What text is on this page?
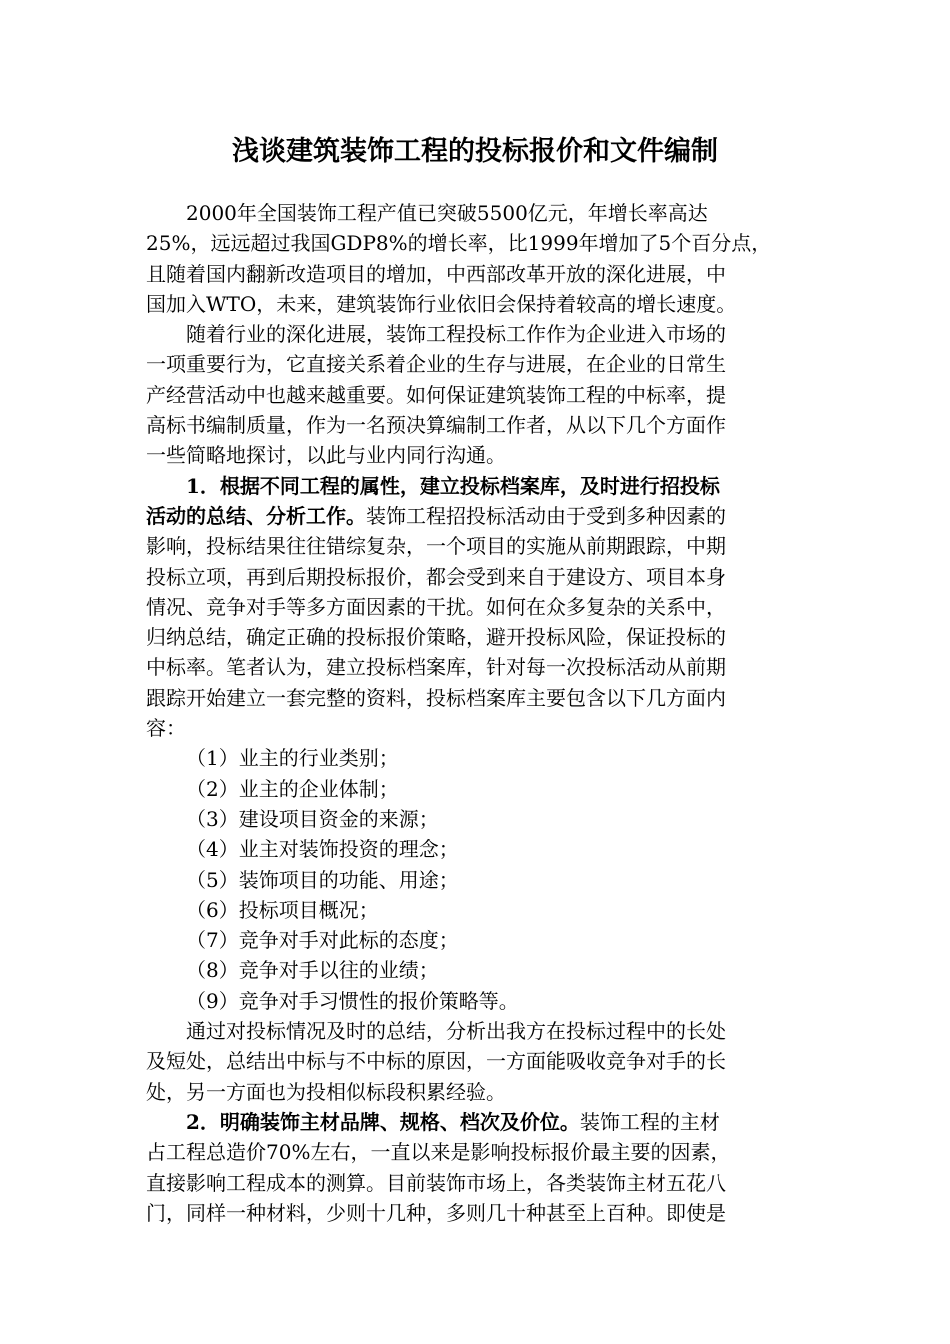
浅谈建筑装饰工程的投标报价和文件编制

2000年全国装饰工程产值已突破5500亿元，年增长率高达
25%，远远超过我国GDP8%的增长率，比1999年增加了5个百分点，
且随着国内翻新改造项目的增加，中西部改革开放的深化进展，中
国加入WTO，未来，建筑装饰行业依旧会保持着较高的增长速度。

随着行业的深化进展，装饰工程投标工作作为企业进入市场的
一项重要行为，它直接关系着企业的生存与进展，在企业的日常生
产经营活动中也越来越重要。如何保证建筑装饰工程的中标率，提
高标书编制质量，作为一名预决算编制工作者，从以下几个方面作
一些简略地探讨，以此与业内同行沟通。

1．根据不同工程的属性，建立投标档案库，及时进行招投标
活动的总结、分析工作。装饰工程招投标活动由于受到多种因素的
影响，投标结果往往错综复杂，一个项目的实施从前期跟踪，中期
投标立项，再到后期投标报价，都会受到来自于建设方、项目本身
情况、竞争对手等多方面因素的干扰。如何在众多复杂的关系中，
归纳总结，确定正确的投标报价策略，避开投标风险，保证投标的
中标率。笔者认为，建立投标档案库，针对每一次投标活动从前期
跟踪开始建立一套完整的资料，投标档案库主要包含以下几方面内
容：

（1）业主的行业类别；

（2）业主的企业体制；

（3）建设项目资金的来源；

（4）业主对装饰投资的理念；

（5）装饰项目的功能、用途；

（6）投标项目概况；

（7）竞争对手对此标的态度；

（8）竞争对手以往的业绩；

（9）竞争对手习惯性的报价策略等。

通过对投标情况及时的总结，分析出我方在投标过程中的长处
及短处，总结出中标与不中标的原因，一方面能吸收竞争对手的长
处，另一方面也为投相似标段积累经验。

2．明确装饰主材品牌、规格、档次及价位。装饰工程的主材
占工程总造价70%左右，一直以来是影响投标报价最主要的因素，
直接影响工程成本的测算。目前装饰市场上，各类装饰主材五花八
门，同样一种材料，少则十几种，多则几十种甚至上百种。即使是
